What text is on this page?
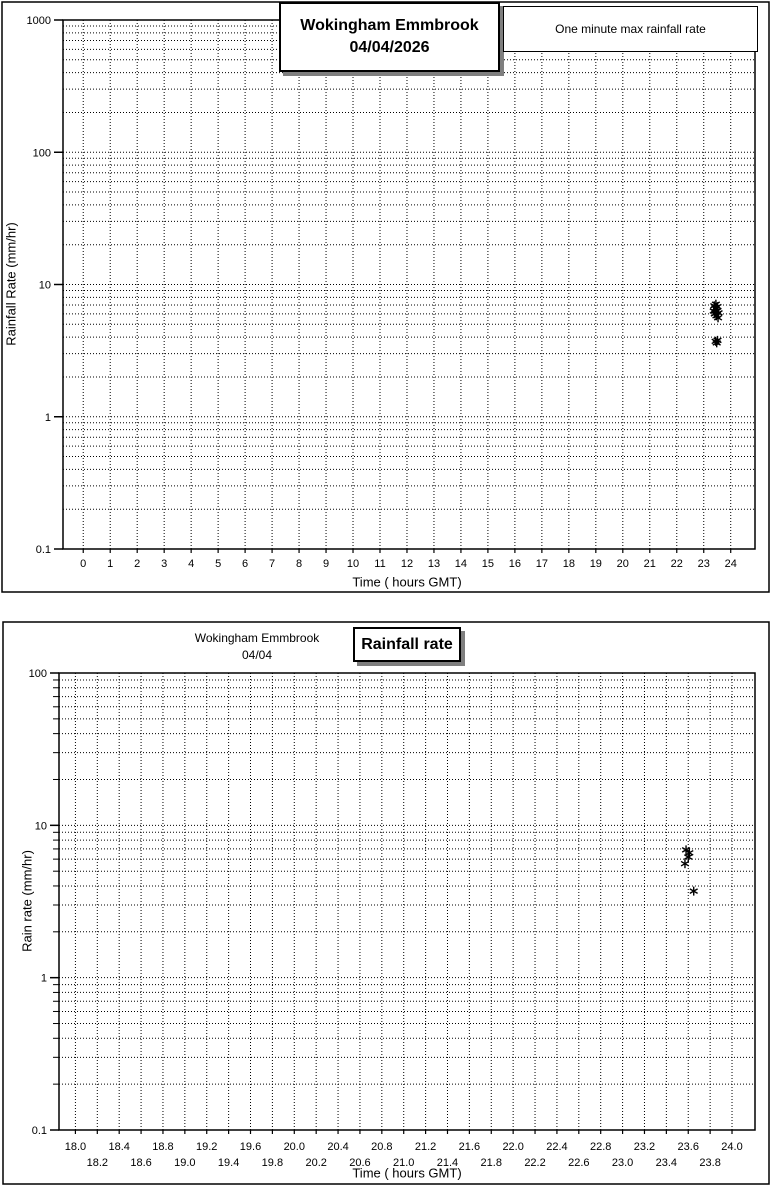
0.1
1
10
100
1000
0 1 2 3 4 5 6 7 8 9 10 11 12 13 14 15 16 17 18 19 20 21 22 23 24
0.1
1
10
100
18.0
18.2
18.4
18.6
18.8
19.0
19.2
19.4
19.6
19.8
20.0
20.2
20.4
20.6
20.8
21.0
21.2
21.4
21.6
21.8
22.0
22.2
22.4
22.6
22.8
23.0
23.2
23.4
23.6
23.8
24.0
Wokingham Emmbrook
04/04/2026
One minute max rainfall rate
Rainfall Rate (mm/hr)
Time ( hours GMT)
Wokingham Emmbrook
04/04
Rainfall rate
Rain rate (mm/hr)
Time ( hours GMT)
